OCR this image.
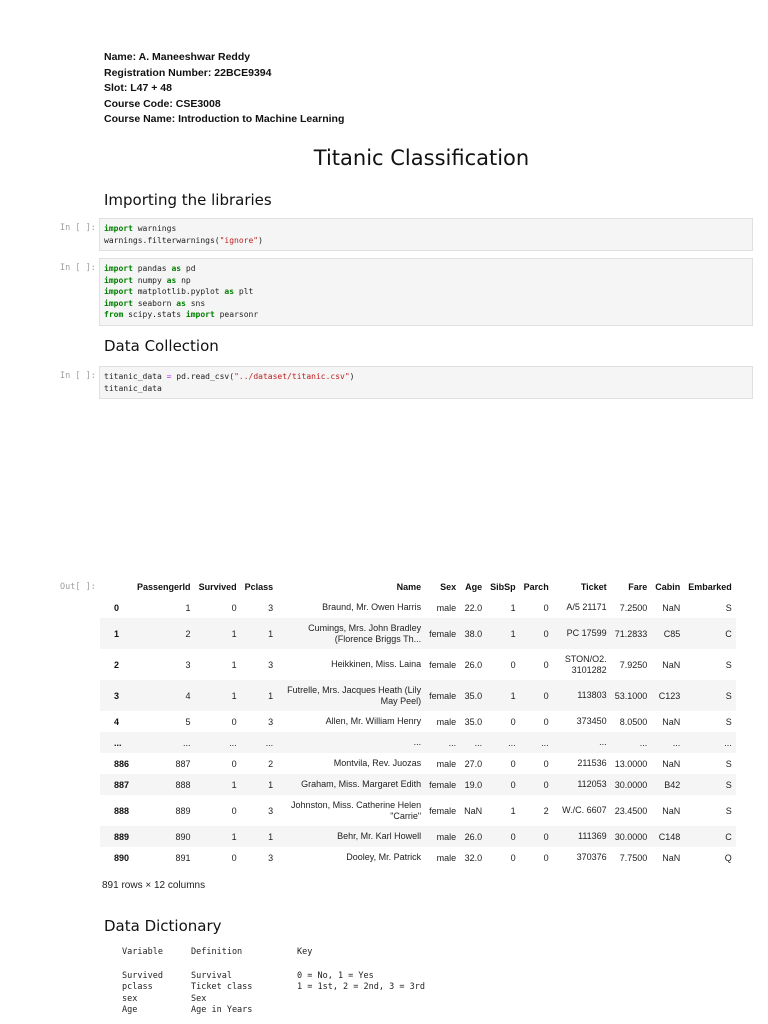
Name: A. Maneeshwar Reddy
Registration Number: 22BCE9394
Slot: L47 + 48
Course Code: CSE3008
Course Name: Introduction to Machine Learning
Titanic Classification
Importing the libraries
In [ ]:	import warnings
warnings.filterwarnings("ignore")
In [ ]:	import pandas as pd
import numpy as np
import matplotlib.pyplot as plt
import seaborn as sns
from scipy.stats import pearsonr
Data Collection
In [ ]:	titanic_data = pd.read_csv("../dataset/titanic.csv")
titanic_data
Out[ ]:
		PassengerId	Survived	Pclass	Name	Sex	Age	SibSp	Parch	Ticket	Fare	Cabin	Embarked
0	1	0	3	Braund, Mr. Owen Harris	male	22.0	1	0	A/5 21171	7.2500	NaN	S
1	2	1	1	Cumings, Mrs. John Bradley (Florence Briggs Th...	female	38.0	1	0	PC 17599	71.2833	C85	C
2	3	1	3	Heikkinen, Miss. Laina	female	26.0	0	0	STON/O2. 3101282	7.9250	NaN	S
3	4	1	1	Futrelle, Mrs. Jacques Heath (Lily May Peel)	female	35.0	1	0	113803	53.1000	C123	S
4	5	0	3	Allen, Mr. William Henry	male	35.0	0	0	373450	8.0500	NaN	S
...	...	...	...	...	...	...	...	...	...	...	...	...
886	887	0	2	Montvila, Rev. Juozas	male	27.0	0	0	211536	13.0000	NaN	S
887	888	1	1	Graham, Miss. Margaret Edith	female	19.0	0	0	112053	30.0000	B42	S
888	889	0	3	Johnston, Miss. Catherine Helen "Carrie"	female	NaN	1	2	W./C. 6607	23.4500	NaN	S
889	890	1	1	Behr, Mr. Karl Howell	male	26.0	0	0	111369	30.0000	C148	C
890	891	0	3	Dooley, Mr. Patrick	male	32.0	0	0	370376	7.7500	NaN	Q
891 rows × 12 columns
Data Dictionary
Variable	Definition	Key
Survived	Survival	0 = No, 1 = Yes
pclass	Ticket class	1 = 1st, 2 = 2nd, 3 = 3rd
sex	Sex
Age	Age in Years
